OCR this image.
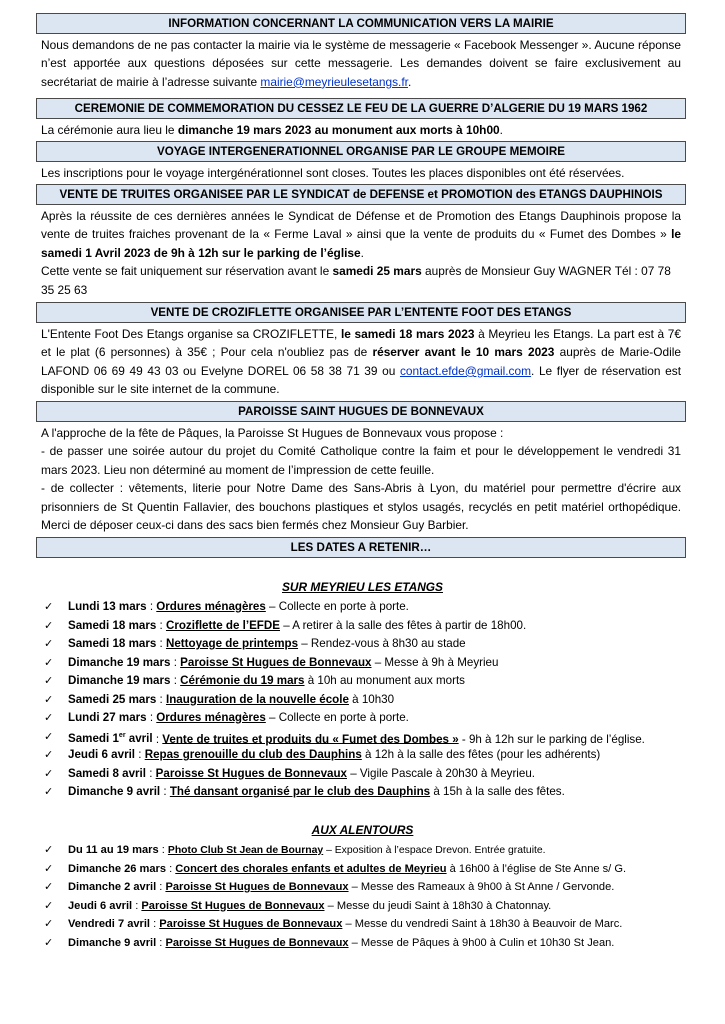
INFORMATION CONCERNANT LA COMMUNICATION VERS LA MAIRIE

Nous demandons de ne pas contacter la mairie via le système de messagerie « Facebook Messenger ». Aucune réponse n’est apportée aux questions déposées sur cette messagerie. Les demandes doivent se faire exclusivement au secrétariat de mairie à l’adresse suivante mairie@meyrieulesetangs.fr.

CEREMONIE DE COMMEMORATION DU CESSEZ LE FEU DE LA GUERRE D’ALGERIE DU 19 MARS 1962

La cérémonie aura lieu le dimanche 19 mars 2023 au monument aux morts à 10h00.

VOYAGE INTERGENERATIONNEL ORGANISE PAR LE GROUPE MEMOIRE

Les inscriptions pour le voyage intergénérationnel sont closes. Toutes les places disponibles ont été réservées.

VENTE DE TRUITES ORGANISEE PAR LE SYNDICAT de DEFENSE et PROMOTION des ETANGS DAUPHINOIS

Après la réussite de ces dernières années le Syndicat de Défense et de Promotion des Etangs Dauphinois propose la vente de truites fraiches provenant de la « Ferme Laval » ainsi que la vente de produits du « Fumet des Dombes » le samedi 1 Avril 2023 de 9h à 12h sur le parking de l’église.

Cette vente se fait uniquement sur réservation avant le samedi 25 mars auprès de Monsieur Guy WAGNER Tél : 07 78 35 25 63

VENTE DE CROZIFLETTE ORGANISEE PAR L’ENTENTE FOOT DES ETANGS

L'Entente Foot Des Etangs organise sa CROZIFLETTE, le samedi 18 mars 2023 à Meyrieu les Etangs. La part est à 7€ et le plat (6 personnes) à 35€ ; Pour cela n'oubliez pas de réserver avant le 10 mars 2023 auprès de Marie-Odile LAFOND 06 69 49 43 03 ou Evelyne DOREL 06 58 38 71 39 ou contact.efde@gmail.com. Le flyer de réservation est disponible sur le site internet de la commune.

PAROISSE SAINT HUGUES DE BONNEVAUX

A l'approche de la fête de Pâques, la Paroisse St Hugues de Bonnevaux vous propose :

- de passer une soirée autour du projet du Comité Catholique contre la faim et pour le développement le vendredi 31 mars 2023. Lieu non déterminé au moment de l’impression de cette feuille.

- de collecter : vêtements, literie pour Notre Dame des Sans-Abris à Lyon, du matériel pour permettre d'écrire aux prisonniers de St Quentin Fallavier, des bouchons plastiques et stylos usagés, recyclés en petit matériel orthopédique. Merci de déposer ceux-ci dans des sacs bien fermés chez Monsieur Guy Barbier.

LES DATES A RETENIR…
SUR MEYRIEU LES ETANGS
✓ Lundi 13 mars : Ordures ménagères – Collecte en porte à porte.
✓ Samedi 18 mars : Croziflette de l’EFDE – A retirer à la salle des fêtes à partir de 18h00.
✓ Samedi 18 mars : Nettoyage de printemps – Rendez-vous à 8h30 au stade
✓ Dimanche 19 mars : Paroisse St Hugues de Bonnevaux – Messe à 9h à Meyrieu
✓ Dimanche 19 mars : Cérémonie du 19 mars à 10h au monument aux morts
✓ Samedi 25 mars : Inauguration de la nouvelle école à 10h30
✓ Lundi 27 mars : Ordures ménagères – Collecte en porte à porte.
✓ Samedi 1er avril : Vente de truites et produits du « Fumet des Dombes » - 9h à 12h sur le parking de l’église.
✓ Jeudi 6 avril : Repas grenouille du club des Dauphins à 12h à la salle des fêtes (pour les adhérents)
✓ Samedi 8 avril : Paroisse St Hugues de Bonnevaux – Vigile Pascale à 20h30 à Meyrieu.
✓ Dimanche 9 avril : Thé dansant organisé par le club des Dauphins à 15h à la salle des fêtes.
AUX ALENTOURS
✓ Du 11 au 19 mars : Photo Club St Jean de Bournay – Exposition à l’espace Drevon. Entrée gratuite.
✓ Dimanche 26 mars : Concert des chorales enfants et adultes de Meyrieu à 16h00 à l’église de Ste Anne s/ G.
✓ Dimanche 2 avril : Paroisse St Hugues de Bonnevaux – Messe des Rameaux à 9h00 à St Anne / Gervonde.
✓ Jeudi 6 avril : Paroisse St Hugues de Bonnevaux – Messe du jeudi Saint à 18h30 à Chatonnay.
✓ Vendredi 7 avril : Paroisse St Hugues de Bonnevaux – Messe du vendredi Saint à 18h30 à Beauvoir de Marc.
✓ Dimanche 9 avril : Paroisse St Hugues de Bonnevaux – Messe de Pâques à 9h00 à Culin et 10h30 St Jean.
